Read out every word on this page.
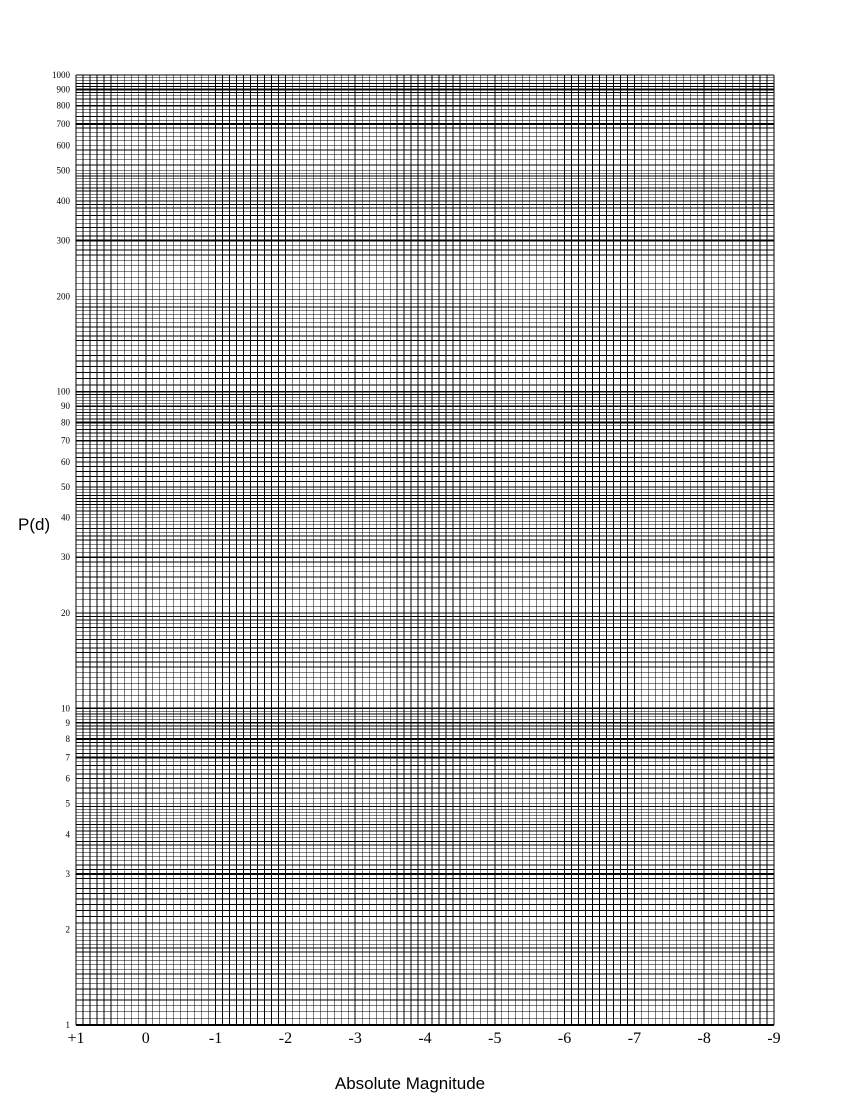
1
2
3
4
5
6
7
8
9
10
20
30
40
50
60
70
80
90
100
200
300
400
500
600
700
800
900
1000
+1	0	-1	-2	-3	-4	-5	-6	-7	-8	-9
P(d)
Absolute Magnitude
